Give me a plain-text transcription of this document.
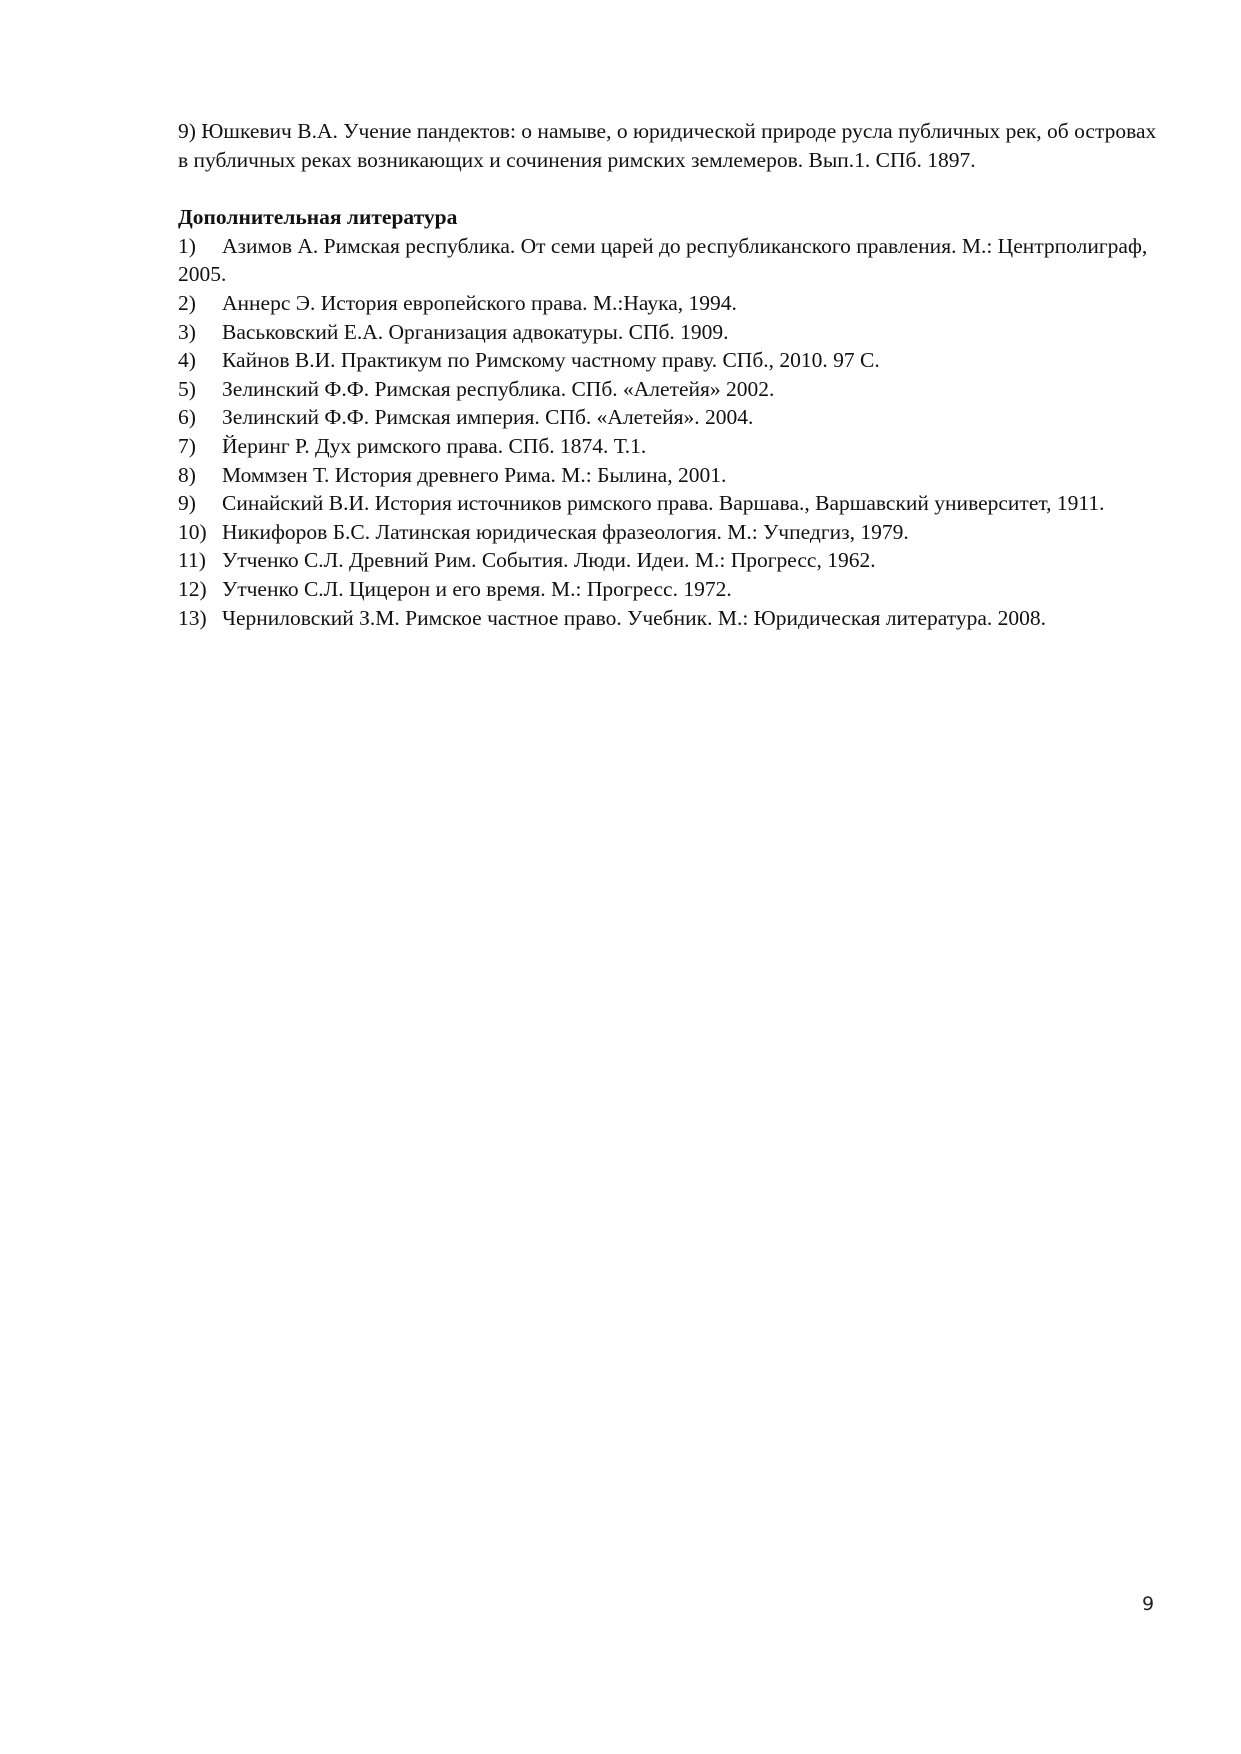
9) Юшкевич В.А. Учение пандектов: о намыве, о юридической природе русла публичных рек, об островах в публичных реках возникающих и сочинения римских землемеров. Вып.1. СПб. 1897.

Дополнительная литература
1) Азимов А. Римская республика. От семи царей до республиканского правления. М.: Центрполиграф, 2005.
2) Аннерс Э. История европейского права. М.:Наука, 1994.
3) Васьковский Е.А. Организация адвокатуры. СПб. 1909.
4) Кайнов В.И. Практикум по Римскому частному праву. СПб., 2010. 97 С.
5) Зелинский Ф.Ф. Римская республика. СПб. «Алетейя» 2002.
6) Зелинский Ф.Ф. Римская империя. СПб. «Алетейя». 2004.
7) Йеринг Р. Дух римского права. СПб. 1874. Т.1.
8) Моммзен Т. История древнего Рима. М.: Былина, 2001.
9) Синайский В.И. История источников римского права. Варшава., Варшавский университет, 1911.
10) Никифоров Б.С. Латинская юридическая фразеология. М.: Учпедгиз, 1979.
11) Утченко С.Л. Древний Рим. События. Люди. Идеи. М.: Прогресс, 1962.
12) Утченко С.Л. Цицерон и его время. М.: Прогресс. 1972.
13) Черниловский З.М. Римское частное право. Учебник. М.: Юридическая литература. 2008.
9
